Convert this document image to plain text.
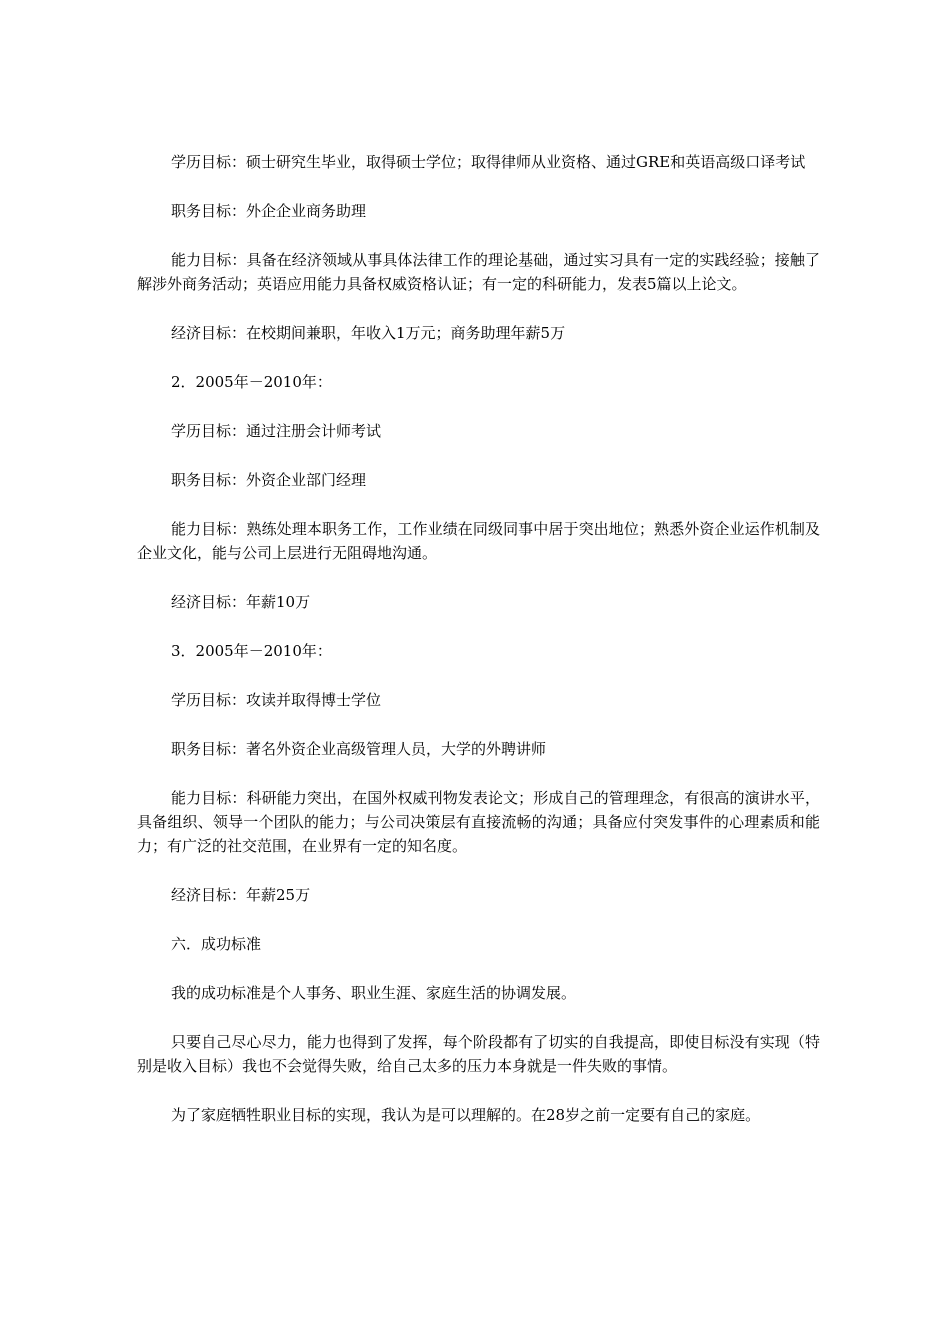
学历目标：硕士研究生毕业，取得硕士学位；取得律师从业资格、通过GRE和英语高级口译考试

职务目标：外企企业商务助理

能力目标：具备在经济领域从事具体法律工作的理论基础，通过实习具有一定的实践经验；接触了解涉外商务活动；英语应用能力具备权威资格认证；有一定的科研能力，发表5篇以上论文。

经济目标：在校期间兼职，年收入1万元；商务助理年薪5万

2．2005年－2010年：

学历目标：通过注册会计师考试

职务目标：外资企业部门经理

能力目标：熟练处理本职务工作，工作业绩在同级同事中居于突出地位；熟悉外资企业运作机制及企业文化，能与公司上层进行无阻碍地沟通。

经济目标：年薪10万

3．2005年－2010年：

学历目标：攻读并取得博士学位

职务目标：著名外资企业高级管理人员，大学的外聘讲师

能力目标：科研能力突出，在国外权威刊物发表论文；形成自己的管理理念，有很高的演讲水平，具备组织、领导一个团队的能力；与公司决策层有直接流畅的沟通；具备应付突发事件的心理素质和能力；有广泛的社交范围，在业界有一定的知名度。

经济目标：年薪25万

六．成功标准

我的成功标准是个人事务、职业生涯、家庭生活的协调发展。

只要自己尽心尽力，能力也得到了发挥，每个阶段都有了切实的自我提高，即使目标没有实现（特别是收入目标）我也不会觉得失败，给自己太多的压力本身就是一件失败的事情。

为了家庭牺牲职业目标的实现，我认为是可以理解的。在28岁之前一定要有自己的家庭。
